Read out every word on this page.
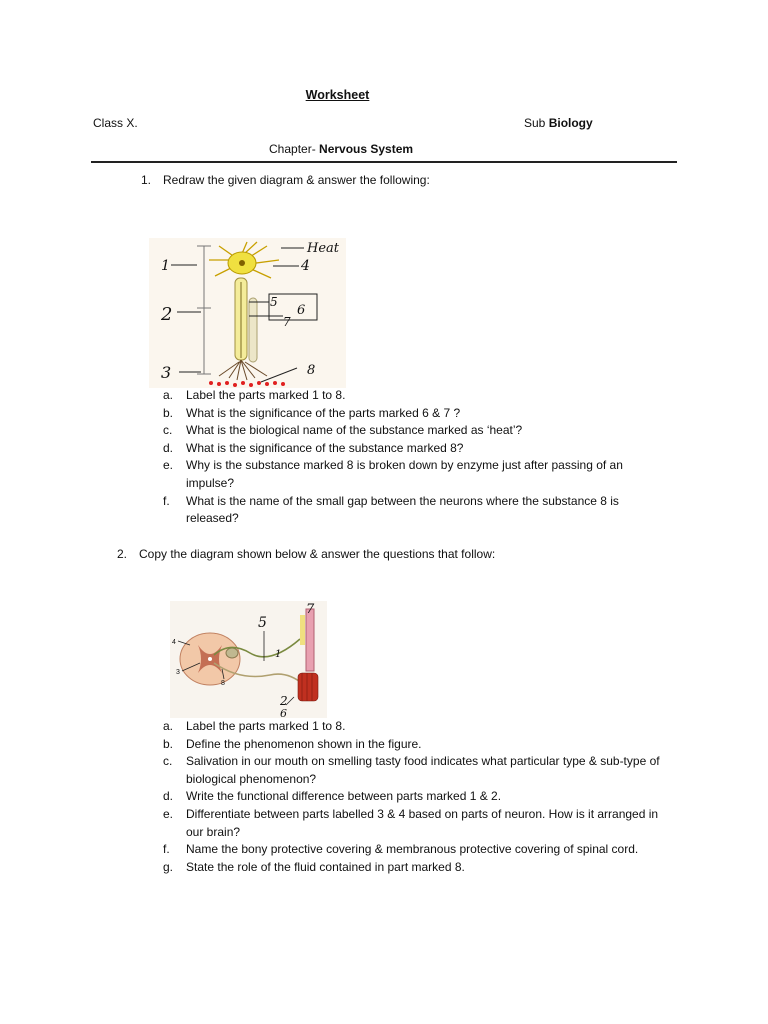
Worksheet
Class X.	Sub Biology
Chapter- Nervous System
1. Redraw the given diagram & answer the following:
1
2
3
Heat
4
5
6
7
8
a. Label the parts marked 1 to 8.
b. What is the significance of the parts marked 6 & 7 ?
c. What is the biological name of the substance marked as ‘heat’?
d. What is the significance of the substance marked 8?
e. Why is the substance marked 8 is broken down by enzyme just after passing of an impulse?
f. What is the name of the small gap between the neurons where the substance 8 is released?
2. Copy the diagram shown below & answer the questions that follow:
4
3
8
5
7
1
2
6
a. Label the parts marked 1 to 8.
b. Define the phenomenon shown in the figure.
c. Salivation in our mouth on smelling tasty food indicates what particular type & sub-type of biological phenomenon?
d. Write the functional difference between parts marked 1 & 2.
e. Differentiate between parts labelled 3 & 4 based on parts of neuron. How is it arranged in our brain?
f. Name the bony protective covering & membranous protective covering of spinal cord.
g. State the role of the fluid contained in part marked 8.
